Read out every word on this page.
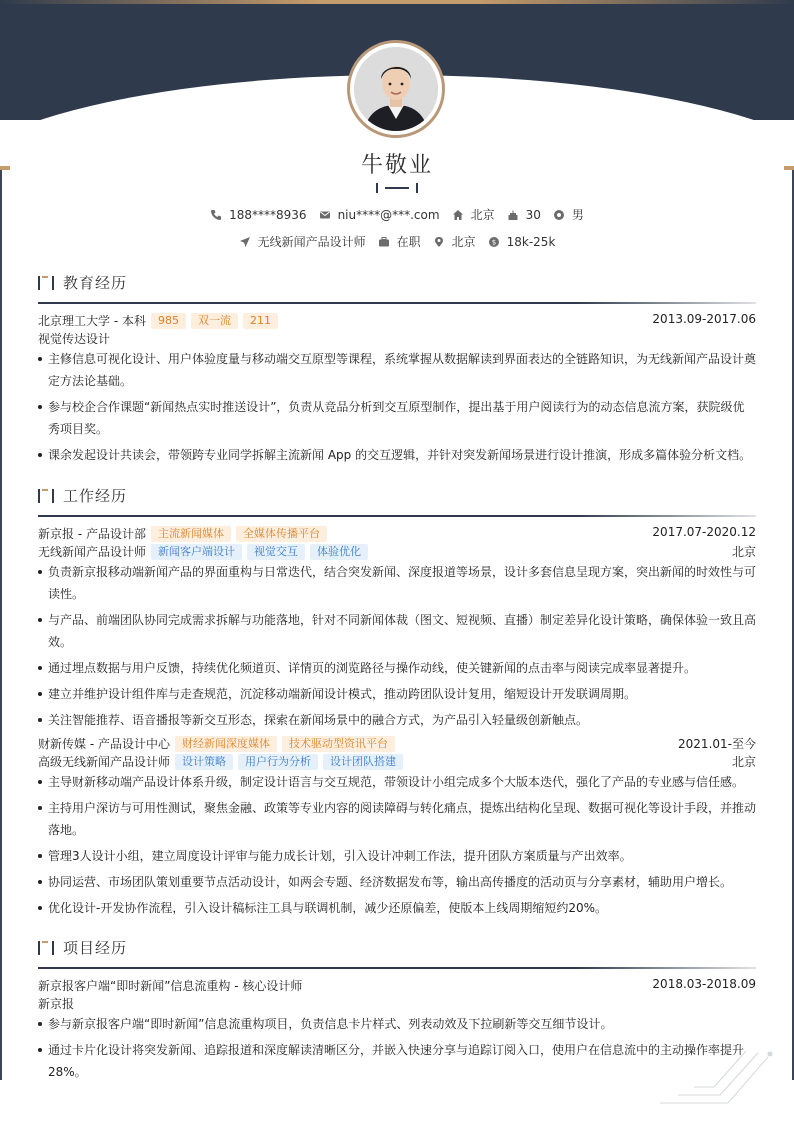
牛敬业
188****8936	niu****@***.com	北京	30	男
无线新闻产品设计师	在职	北京 $ 18k-25k
教育经历
北京理工大学 - 本科	985	双一流	211	2013.09-2017.06
视觉传达设计
主修信息可视化设计、用户体验度量与移动端交互原型等课程，系统掌握从数据解读到界面表达的全链路知识，为无线新闻产品设计奠定方法论基础。
参与校企合作课题“新闻热点实时推送设计”，负责从竞品分析到交互原型制作，提出基于用户阅读行为的动态信息流方案，获院级优秀项目奖。
课余发起设计共读会，带领跨专业同学拆解主流新闻 App 的交互逻辑，并针对突发新闻场景进行设计推演，形成多篇体验分析文档。
工作经历
新京报 - 产品设计部	主流新闻媒体	全媒体传播平台	2017.07-2020.12
无线新闻产品设计师	新闻客户端设计	视觉交互	体验优化	北京
负责新京报移动端新闻产品的界面重构与日常迭代，结合突发新闻、深度报道等场景，设计多套信息呈现方案，突出新闻的时效性与可读性。
与产品、前端团队协同完成需求拆解与功能落地，针对不同新闻体裁（图文、短视频、直播）制定差异化设计策略，确保体验一致且高效。
通过埋点数据与用户反馈，持续优化频道页、详情页的浏览路径与操作动线，使关键新闻的点击率与阅读完成率显著提升。
建立并维护设计组件库与走查规范，沉淀移动端新闻设计模式，推动跨团队设计复用，缩短设计开发联调周期。
关注智能推荐、语音播报等新交互形态，探索在新闻场景中的融合方式，为产品引入轻量级创新触点。
财新传媒 - 产品设计中心	财经新闻深度媒体	技术驱动型资讯平台	2021.01-至今
高级无线新闻产品设计师	设计策略	用户行为分析	设计团队搭建	北京
主导财新移动端产品设计体系升级，制定设计语言与交互规范，带领设计小组完成多个大版本迭代，强化了产品的专业感与信任感。
主持用户深访与可用性测试，聚焦金融、政策等专业内容的阅读障碍与转化痛点，提炼出结构化呈现、数据可视化等设计手段，并推动落地。
管理3人设计小组，建立周度设计评审与能力成长计划，引入设计冲刺工作法，提升团队方案质量与产出效率。
协同运营、市场团队策划重要节点活动设计，如两会专题、经济数据发布等，输出高传播度的活动页与分享素材，辅助用户增长。
优化设计-开发协作流程，引入设计稿标注工具与联调机制，减少还原偏差，使版本上线周期缩短约20%。
项目经历
新京报客户端“即时新闻”信息流重构 - 核心设计师	2018.03-2018.09
新京报
参与新京报客户端“即时新闻”信息流重构项目，负责信息卡片样式、列表动效及下拉刷新等交互细节设计。
通过卡片化设计将突发新闻、追踪报道和深度解读清晰区分，并嵌入快速分享与追踪订阅入口，使用户在信息流中的主动操作率提升28%。
